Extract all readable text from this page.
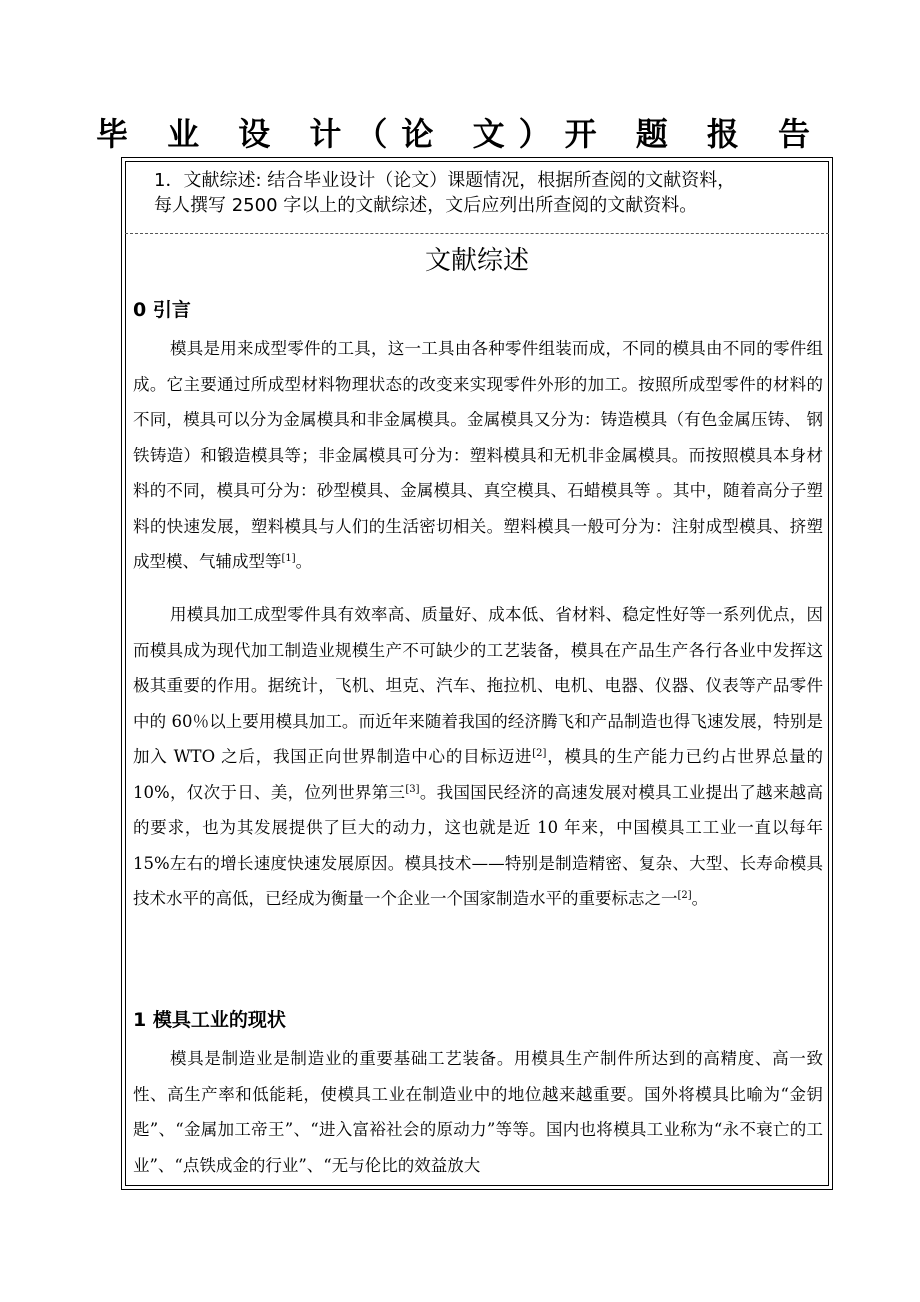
毕 业 设 计（论 文）开 题 报 告
1．文献综述: 结合毕业设计（论文）课题情况，根据所查阅的文献资料，
每人撰写 2500 字以上的文献综述，文后应列出所查阅的文献资料。
文献综述
0 引言
模具是用来成型零件的工具，这一工具由各种零件组装而成，不同的模具由不同的零件组成。它主要通过所成型材料物理状态的改变来实现零件外形的加工。按照所成型零件的材料的不同，模具可以分为金属模具和非金属模具。金属模具又分为：铸造模具（有色金属压铸、 钢铁铸造）和锻造模具等；非金属模具可分为：塑料模具和无机非金属模具。而按照模具本身材料的不同，模具可分为：砂型模具、金属模具、真空模具、石蜡模具等 。其中，随着高分子塑料的快速发展，塑料模具与人们的生活密切相关。塑料模具一般可分为：注射成型模具、挤塑成型模、气辅成型等[1]。
用模具加工成型零件具有效率高、质量好、成本低、省材料、稳定性好等一系列优点，因而模具成为现代加工制造业规模生产不可缺少的工艺装备，模具在产品生产各行各业中发挥这极其重要的作用。据统计，飞机、坦克、汽车、拖拉机、电机、电器、仪器、仪表等产品零件中的 60％以上要用模具加工。而近年来随着我国的经济腾飞和产品制造也得飞速发展，特别是加入 WTO 之后，我国正向世界制造中心的目标迈进[2]，模具的生产能力已约占世界总量的 10%，仅次于日、美，位列世界第三[3]。我国国民经济的高速发展对模具工业提出了越来越高的要求，也为其发展提供了巨大的动力，这也就是近 10 年来，中国模具工工业一直以每年 15%左右的增长速度快速发展原因。模具技术——特别是制造精密、复杂、大型、长寿命模具技术水平的高低，已经成为衡量一个企业一个国家制造水平的重要标志之一[2]。
1 模具工业的现状
模具是制造业是制造业的重要基础工艺装备。用模具生产制件所达到的高精度、高一致性、高生产率和低能耗，使模具工业在制造业中的地位越来越重要。国外将模具比喻为“金钥匙”、“金属加工帝王”、“进入富裕社会的原动力”等等。国内也将模具工业称为“永不衰亡的工业”、“点铁成金的行业”、“无与伦比的效益放大
